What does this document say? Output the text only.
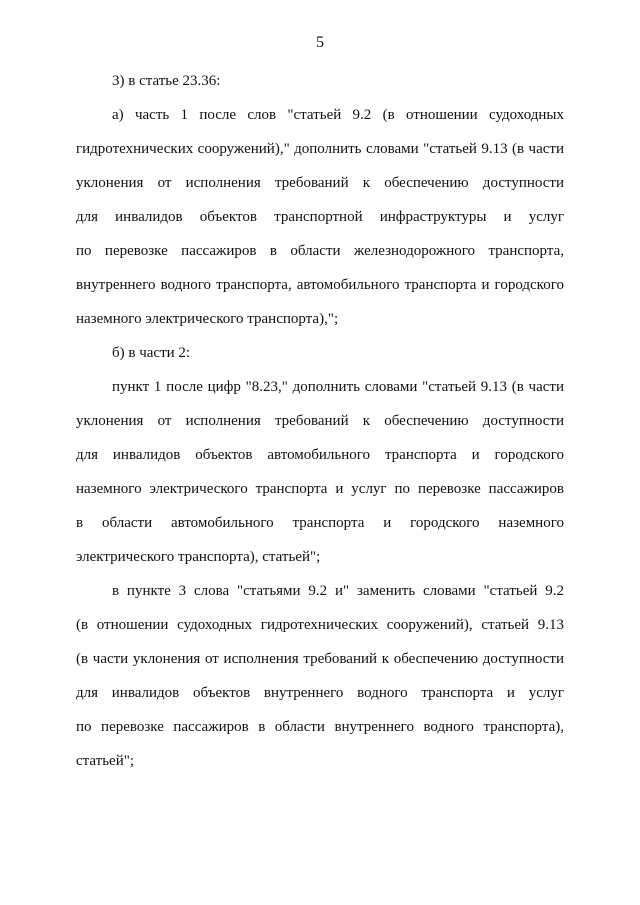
5
3) в статье 23.36:
а) часть 1 после слов "статьей 9.2 (в отношении судоходных
гидротехнических сооружений)," дополнить словами "статьей 9.13 (в части
уклонения от исполнения требований к обеспечению доступности
для инвалидов объектов транспортной инфраструктуры и услуг
по перевозке пассажиров в области железнодорожного транспорта,
внутреннего водного транспорта, автомобильного транспорта и городского
наземного электрического транспорта),";
б) в части 2:
пункт 1 после цифр "8.23," дополнить словами "статьей 9.13 (в части
уклонения от исполнения требований к обеспечению доступности
для инвалидов объектов автомобильного транспорта и городского
наземного электрического транспорта и услуг по перевозке пассажиров
в области автомобильного транспорта и городского наземного
электрического транспорта), статьей";
в пункте 3 слова "статьями 9.2 и" заменить словами "статьей 9.2
(в отношении судоходных гидротехнических сооружений), статьей 9.13
(в части уклонения от исполнения требований к обеспечению доступности
для инвалидов объектов внутреннего водного транспорта и услуг
по перевозке пассажиров в области внутреннего водного транспорта),
статьей";
